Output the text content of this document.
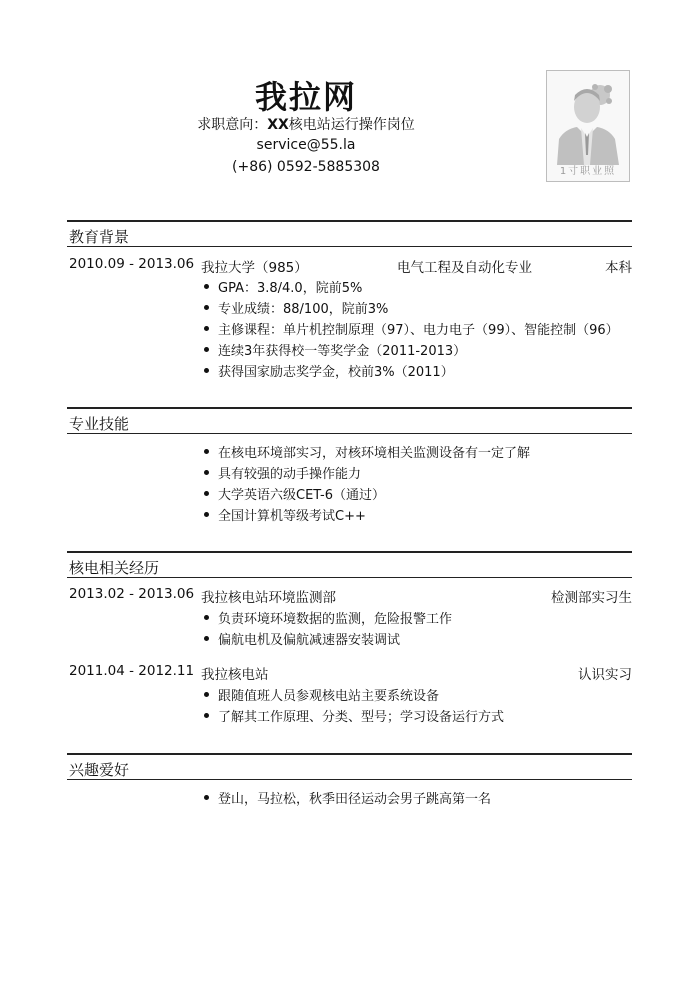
我拉网
求职意向：XX核电站运行操作岗位
service@55.la
(+86) 0592-5885308	1寸职业照
教育背景
2010.09 - 2013.06 我拉大学（985）	电气工程及自动化专业	本科
GPA：3.8/4.0，院前5%
专业成绩：88/100，院前3%
主修课程：单片机控制原理（97）、电力电子（99）、智能控制（96）
连续3年获得校一等奖学金（2011-2013）
获得国家励志奖学金，校前3%（2011）
专业技能
在核电环境部实习，对核环境相关监测设备有一定了解
具有较强的动手操作能力
大学英语六级CET-6（通过）
全国计算机等级考试C++
核电相关经历
2013.02 - 2013.06 我拉核电站环境监测部	检测部实习生
负责环境环境数据的监测，危险报警工作
偏航电机及偏航减速器安装调试
2011.04 - 2012.11 我拉核电站	认识实习
跟随值班人员参观核电站主要系统设备
了解其工作原理、分类、型号；学习设备运行方式
兴趣爱好
登山，马拉松，秋季田径运动会男子跳高第一名
